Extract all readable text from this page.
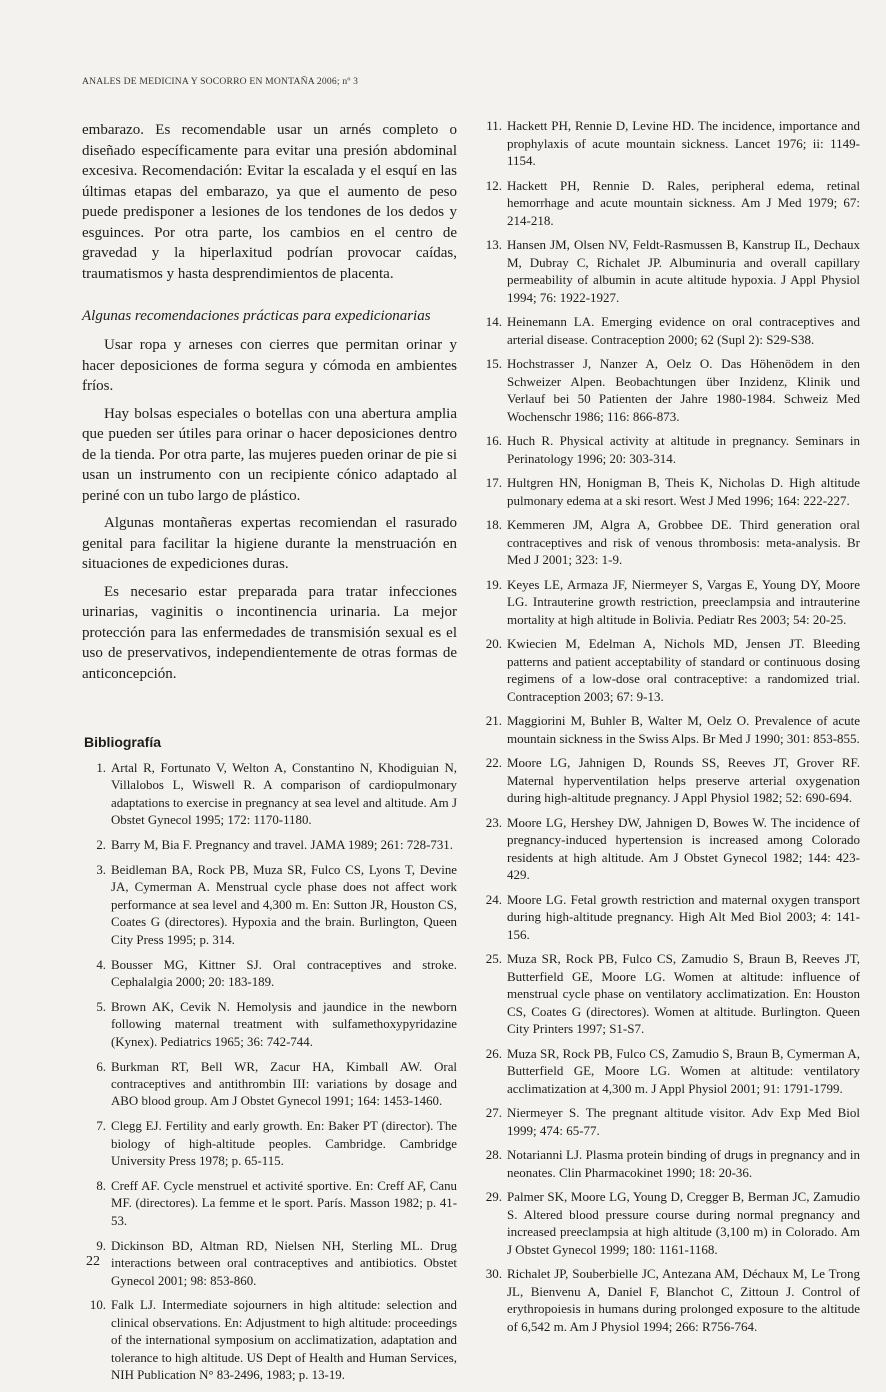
ANALES DE MEDICINA Y SOCORRO EN MONTAÑA 2006; nº 3

embarazo. Es recomendable usar un arnés completo o diseñado específicamente para evitar una presión abdominal excesiva. Recomendación: Evitar la escalada y el esquí en las últimas etapas del embarazo, ya que el aumento de peso puede predisponer a lesiones de los tendones de los dedos y esguinces. Por otra parte, los cambios en el centro de gravedad y la hiperlaxitud podrían provocar caídas, traumatismos y hasta desprendimientos de placenta.

Algunas recomendaciones prácticas para expedicionarias

Usar ropa y arneses con cierres que permitan orinar y hacer deposiciones de forma segura y cómoda en ambientes fríos.

Hay bolsas especiales o botellas con una abertura amplia que pueden ser útiles para orinar o hacer deposiciones dentro de la tienda. Por otra parte, las mujeres pueden orinar de pie si usan un instrumento con un recipiente cónico adaptado al periné con un tubo largo de plástico.

Algunas montañeras expertas recomiendan el rasurado genital para facilitar la higiene durante la menstruación en situaciones de expediciones duras.

Es necesario estar preparada para tratar infecciones urinarias, vaginitis o incontinencia urinaria. La mejor protección para las enfermedades de transmisión sexual es el uso de preservativos, independientemente de otras formas de anticoncepción.

Bibliografía
1. Artal R, Fortunato V, Welton A, Constantino N, Khodiguian N, Villalobos L, Wiswell R. A comparison of cardiopulmonary adaptations to exercise in pregnancy at sea level and altitude. Am J Obstet Gynecol 1995; 172: 1170-1180.
2. Barry M, Bia F. Pregnancy and travel. JAMA 1989; 261: 728-731.
3. Beidleman BA, Rock PB, Muza SR, Fulco CS, Lyons T, Devine JA, Cymerman A. Menstrual cycle phase does not affect work performance at sea level and 4,300 m. En: Sutton JR, Houston CS, Coates G (directores). Hypoxia and the brain. Burlington, Queen City Press 1995; p. 314.
4. Bousser MG, Kittner SJ. Oral contraceptives and stroke. Cephalalgia 2000; 20: 183-189.
5. Brown AK, Cevik N. Hemolysis and jaundice in the newborn following maternal treatment with sulfamethoxypyridazine (Kynex). Pediatrics 1965; 36: 742-744.
6. Burkman RT, Bell WR, Zacur HA, Kimball AW. Oral contraceptives and antithrombin III: variations by dosage and ABO blood group. Am J Obstet Gynecol 1991; 164: 1453-1460.
7. Clegg EJ. Fertility and early growth. En: Baker PT (director). The biology of high-altitude peoples. Cambridge. Cambridge University Press 1978; p. 65-115.
8. Creff AF. Cycle menstruel et activité sportive. En: Creff AF, Canu MF. (directores). La femme et le sport. París. Masson 1982; p. 41-53.
9. Dickinson BD, Altman RD, Nielsen NH, Sterling ML. Drug interactions between oral contraceptives and antibiotics. Obstet Gynecol 2001; 98: 853-860.
10. Falk LJ. Intermediate sojourners in high altitude: selection and clinical observations. En: Adjustment to high altitude: proceedings of the international symposium on acclimatization, adaptation and tolerance to high altitude. US Dept of Health and Human Services, NIH Publication N° 83-2496, 1983; p. 13-19.
11. Hackett PH, Rennie D, Levine HD. The incidence, importance and prophylaxis of acute mountain sickness. Lancet 1976; ii: 1149-1154.
12. Hackett PH, Rennie D. Rales, peripheral edema, retinal hemorrhage and acute mountain sickness. Am J Med 1979; 67: 214-218.
13. Hansen JM, Olsen NV, Feldt-Rasmussen B, Kanstrup IL, Dechaux M, Dubray C, Richalet JP. Albuminuria and overall capillary permeability of albumin in acute altitude hypoxia. J Appl Physiol 1994; 76: 1922-1927.
14. Heinemann LA. Emerging evidence on oral contraceptives and arterial disease. Contraception 2000; 62 (Supl 2): S29-S38.
15. Hochstrasser J, Nanzer A, Oelz O. Das Höhenödem in den Schweizer Alpen. Beobachtungen über Inzidenz, Klinik und Verlauf bei 50 Patienten der Jahre 1980-1984. Schweiz Med Wochenschr 1986; 116: 866-873.
16. Huch R. Physical activity at altitude in pregnancy. Seminars in Perinatology 1996; 20: 303-314.
17. Hultgren HN, Honigman B, Theis K, Nicholas D. High altitude pulmonary edema at a ski resort. West J Med 1996; 164: 222-227.
18. Kemmeren JM, Algra A, Grobbee DE. Third generation oral contraceptives and risk of venous thrombosis: meta-analysis. Br Med J 2001; 323: 1-9.
19. Keyes LE, Armaza JF, Niermeyer S, Vargas E, Young DY, Moore LG. Intrauterine growth restriction, preeclampsia and intrauterine mortality at high altitude in Bolivia. Pediatr Res 2003; 54: 20-25.
20. Kwiecien M, Edelman A, Nichols MD, Jensen JT. Bleeding patterns and patient acceptability of standard or continuous dosing regimens of a low-dose oral contraceptive: a randomized trial. Contraception 2003; 67: 9-13.
21. Maggiorini M, Buhler B, Walter M, Oelz O. Prevalence of acute mountain sickness in the Swiss Alps. Br Med J 1990; 301: 853-855.
22. Moore LG, Jahnigen D, Rounds SS, Reeves JT, Grover RF. Maternal hyperventilation helps preserve arterial oxygenation during high-altitude pregnancy. J Appl Physiol 1982; 52: 690-694.
23. Moore LG, Hershey DW, Jahnigen D, Bowes W. The incidence of pregnancy-induced hypertension is increased among Colorado residents at high altitude. Am J Obstet Gynecol 1982; 144: 423-429.
24. Moore LG. Fetal growth restriction and maternal oxygen transport during high-altitude pregnancy. High Alt Med Biol 2003; 4: 141-156.
25. Muza SR, Rock PB, Fulco CS, Zamudio S, Braun B, Reeves JT, Butterfield GE, Moore LG. Women at altitude: influence of menstrual cycle phase on ventilatory acclimatization. En: Houston CS, Coates G (directores). Women at altitude. Burlington. Queen City Printers 1997; S1-S7.
26. Muza SR, Rock PB, Fulco CS, Zamudio S, Braun B, Cymerman A, Butterfield GE, Moore LG. Women at altitude: ventilatory acclimatization at 4,300 m. J Appl Physiol 2001; 91: 1791-1799.
27. Niermeyer S. The pregnant altitude visitor. Adv Exp Med Biol 1999; 474: 65-77.
28. Notarianni LJ. Plasma protein binding of drugs in pregnancy and in neonates. Clin Pharmacokinet 1990; 18: 20-36.
29. Palmer SK, Moore LG, Young D, Cregger B, Berman JC, Zamudio S. Altered blood pressure course during normal pregnancy and increased preeclampsia at high altitude (3,100 m) in Colorado. Am J Obstet Gynecol 1999; 180: 1161-1168.
30. Richalet JP, Souberbielle JC, Antezana AM, Déchaux M, Le Trong JL, Bienvenu A, Daniel F, Blanchot C, Zittoun J. Control of erythropoiesis in humans during prolonged exposure to the altitude of 6,542 m. Am J Physiol 1994; 266: R756-764.
22
